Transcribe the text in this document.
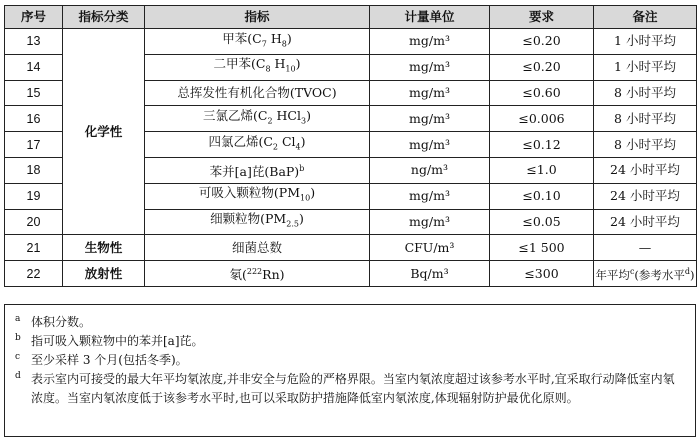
序号	指标分类	指标	计量单位	要求	备注
13	化学性	甲苯($C_7$ $H_8$)	mg/m³	≤0.20	1 小时平均
14		二甲苯($C_8$ $H_{10}$)	mg/m³	≤0.20	1 小时平均
15		总挥发性有机化合物(TVOC)	mg/m³	≤0.60	8 小时平均
16		三氯乙烯($C_2$ HCl$_3$)	mg/m³	≤0.006	8 小时平均
17		四氯乙烯($C_2$ $Cl_4$)	mg/m³	≤0.12	8 小时平均
18		苯并[a]芘(BaP)$^b$	ng/m³	≤1.0	24 小时平均
19		可吸入颗粒物$(PM_{10})$	mg/m³	≤0.10	24 小时平均
20		细颗粒物$(PM_{2.5})$	mg/m³	≤0.05	24 小时平均
21	生物性	细菌总数	CFU/m³	≤1 500	—
22	放射性	氡($^{222}$Rn)	Bq/m³	≤300	年平均$^c$(参考水平$^d$)
a 体积分数。
b 指可吸入颗粒物中的苯并[a]芘。
c 至少采样 3 个月(包括冬季)。
d 表示室内可接受的最大年平均氡浓度,并非安全与危险的严格界限。当室内氡浓度超过该参考水平时,宜采取行动降低室内氡浓度。当室内氡浓度低于该参考水平时,也可以采取防护措施降低室内氡浓度,体现辐射防护最优化原则。
